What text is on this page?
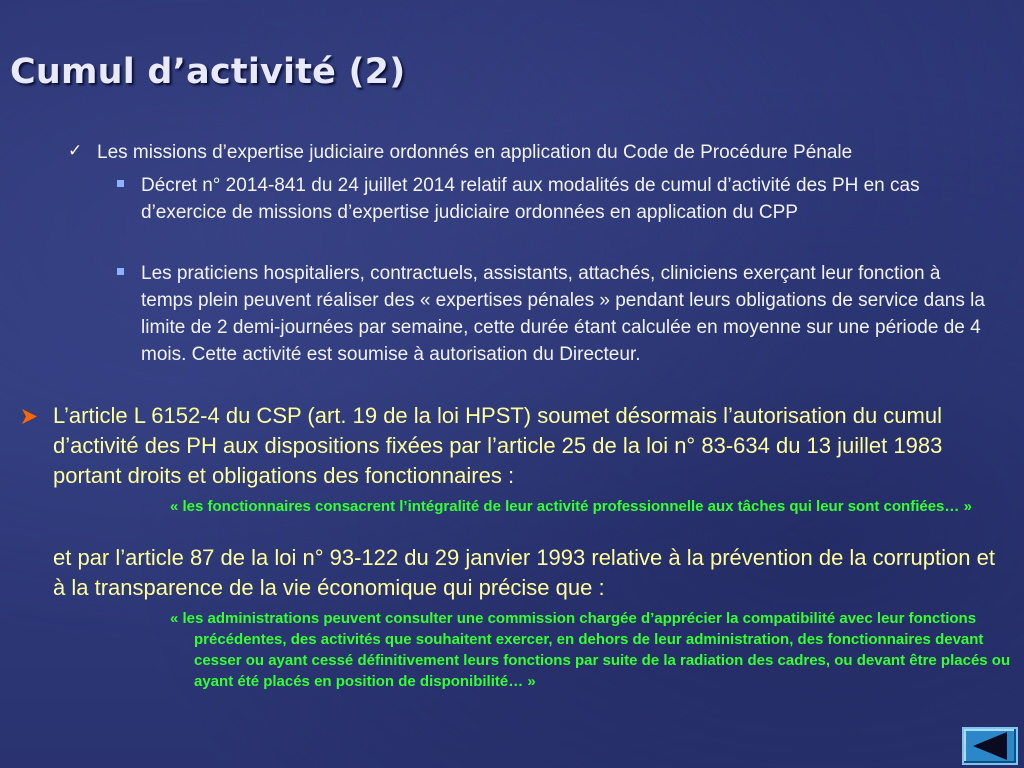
Cumul d’activité (2)
✓ Les missions d’expertise judiciaire ordonnés en application du Code de Procédure Pénale
Décret n° 2014-841 du 24 juillet 2014 relatif aux modalités de cumul d’activité des PH en cas d’exercice de missions d’expertise judiciaire ordonnées en application du CPP
Les praticiens hospitaliers, contractuels, assistants, attachés, cliniciens exerçant leur fonction à temps plein peuvent réaliser des « expertises pénales » pendant leurs obligations de service dans la limite de 2 demi-journées par semaine, cette durée étant calculée en moyenne sur une période de 4 mois. Cette activité est soumise à autorisation du Directeur.
L’article L 6152-4 du CSP (art. 19 de la loi HPST) soumet désormais l’autorisation du cumul d’activité des PH aux dispositions fixées par l’article 25 de la loi n° 83-634 du 13 juillet 1983 portant droits et obligations des fonctionnaires :

« les fonctionnaires consacrent l’intégralité de leur activité professionnelle aux tâches qui leur sont confiées… »

et par l’article 87 de la loi n° 93-122 du 29 janvier 1993 relative à la prévention de la corruption et à la transparence de la vie économique qui précise que :

« les administrations peuvent consulter une commission chargée d’apprécier la compatibilité avec leur fonctions précédentes, des activités que souhaitent exercer, en dehors de leur administration, des fonctionnaires devant cesser ou ayant cessé définitivement leurs fonctions par suite de la radiation des cadres, ou devant être placés ou ayant été placés en position de disponibilité… »
